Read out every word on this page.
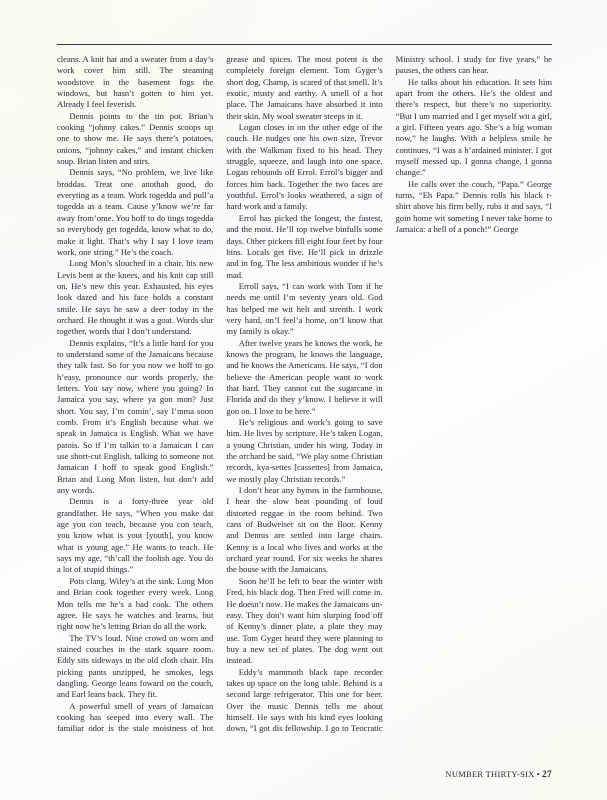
cleans. A knit hat and a sweater from a day’s work cover him still. The steaming woodstove in the basement fogs the windows, but hasn’t gotten to him yet. Already I feel feverish.

Dennis points to the tin pot. Brian’s cooking “johnny cakes.” Dennis scoops up one to show me. He says there’s potatoes, onions, “johnny cakes,” and instant chicken soup. Brian listen and stirs.

Dennis says, “No problem, we live like broddas. Treat one anothah good, do everyting as a team. Work togedda and pull’a togedda as a team. Cause y’know we’re far away from’ome. You hoff to do tings togedda so everybody get togedda, know what to do, make it light. That’s why I say I love team work, one string.” He’s the coach.

Long Mon’s slouched in a chair, his new Levis bent at the knees, and his knit cap still on. He’s new this year. Exhausted, his eyes look dazed and his face holds a constant smile. He says he saw a deer today in the orchard. He thought it was a goat. Words slur together, words that I don’t understand.

Dennis explains, “It’s a little hard for you to understand some of the Jamaicans because they talk fast. So for you now we hoff to go h’easy, pronounce our words properly, the letters. You say now, where you going? In Jamaica you say, where ya gon mon? Just short. You say, I’m comin’, say I’mma soon comb. From it’s English because what we speak in Jamaica is English. What we have patois. So if I’m talkin to a Jamaican I can use short-cut English, talking to someone not Jamaican I hoff to speak good English.” Brian and Long Mon listen, but don’t add any words.

Dennis is a forty-three year old grandfather. He says, “When you make dat age you con teach, because you con teach, you know what is yout [youth], you know what is young age.” He wants to teach. He says my age, “th’call the foolish age. You do a lot of stupid things.”

Pots clang. Wiley’s at the sink. Long Mon and Brian cook together every week. Long Mon tells me he’s a bad cook. The others agree. He says he watches and learns, but right now he’s letting Brian do all the work.

The TV’s loud. Nine crowd on worn and stained couches in the stark square room. Eddy sits sideways in the old cloth chair. His picking pants unzipped, he smokes, legs dangling. George leans foward on the couch, and Earl leans back. They fit.

A powerful smell of years of Jamaican cooking has seeped into every wall. The familiar odor is the stale moistness of hot grease and spices. The most potent is the completely foreign element. Tom Gyger’s short dog, Champ, is scared of that smell. It’s exotic, musty and earthy. A smell of a hot place. The Jamaicans have absorbed it into their skin. My wool sweater steeps in it.

Logan closes in on the other edge of the couch. He nudges one his own size, Trevor with the Walkman fixed to his head. They struggle, squeeze, and laugh into one space. Logan rebounds off Errol. Errol’s bigger and forces him back. Together the two faces are youthful. Errol’s looks weathered, a sign of hard work and a family.

Errol has picked the longest, the fastest, and the most. He’ll top twelve binfulls some days. Other pickers fill eight four feet by four bins. Locals get five. He’ll pick in drizzle and in fog. The less ambitious wonder if he’s mad.

Erroll says, “I can work with Tom if he needs me until I’m seventy years old. God has helped me wit helt and strenth. I work very hard, on’I feel’a home, on’I know that my family is okay.”

After twelve years he knows the work, he knows the program, he knows the language, and he knows the Americans. He says, “I don believe the American people want to work that hard. They cannot cut the sugarcane in Florida and do they y’know. I believe it will gon on. I love to be here.”

He’s religious and work’s going to save him. He lives by scripture. He’s taken Logan, a young Christian, under his wing. Today in the orchard he said, “We play some Christian records, kya-settes [cassettes] from Jamaica, we mostly play Christian records.”

I don’t hear any hymns in the farmhouse. I hear the slow beat pounding of loud distorted reggae in the room behind. Two cans of Budweiser sit on the floor. Kenny and Dennis are settled into large chairs. Kenny is a local who lives and works at the orchard year round. For six weeks he shares the house with the Jamaicans.

Soon he’ll be left to bear the winter with Fred, his black dog. Then Fred will come in. He doesn’t now. He makes the Jamaicans uneasy. They don’t want him slurping food off of Kenny’s dinner plate, a plate they may use. Tom Gyger heard they were planning to buy a new set of plates. The dog went out instead.

Eddy’s mammoth black tape recorder takes up space on the long table. Behind is a second large refrigerator. This one for beer. Over the music Dennis tells me about himself. He says with his kind eyes looking down, “I got dis fellowship. I go to Teocratic Ministry school. I study for five years,” he pauses, the others can hear.

He talks about his education. It sets him apart from the others. He’s the oldest and there’s respect, but there’s no superiority. “But I um married and I get myself wit a girl, a girl. Fifteen years ago. She’s a big woman now,” he laughs. With a helpless smile he continues, “I was a h’ardained minister. I got myself messed up. I gonna change, I gonna change.”

He calls over the couch, “Papa.” George turns, “Eh Papa.” Dennis rolls his black t-shirt above his firm belly, rubs it and says, “I goin home wit someting I never take home to Jamaica: a hell of a ponch!” George

NUMBER THIRTY-SIX • 27
